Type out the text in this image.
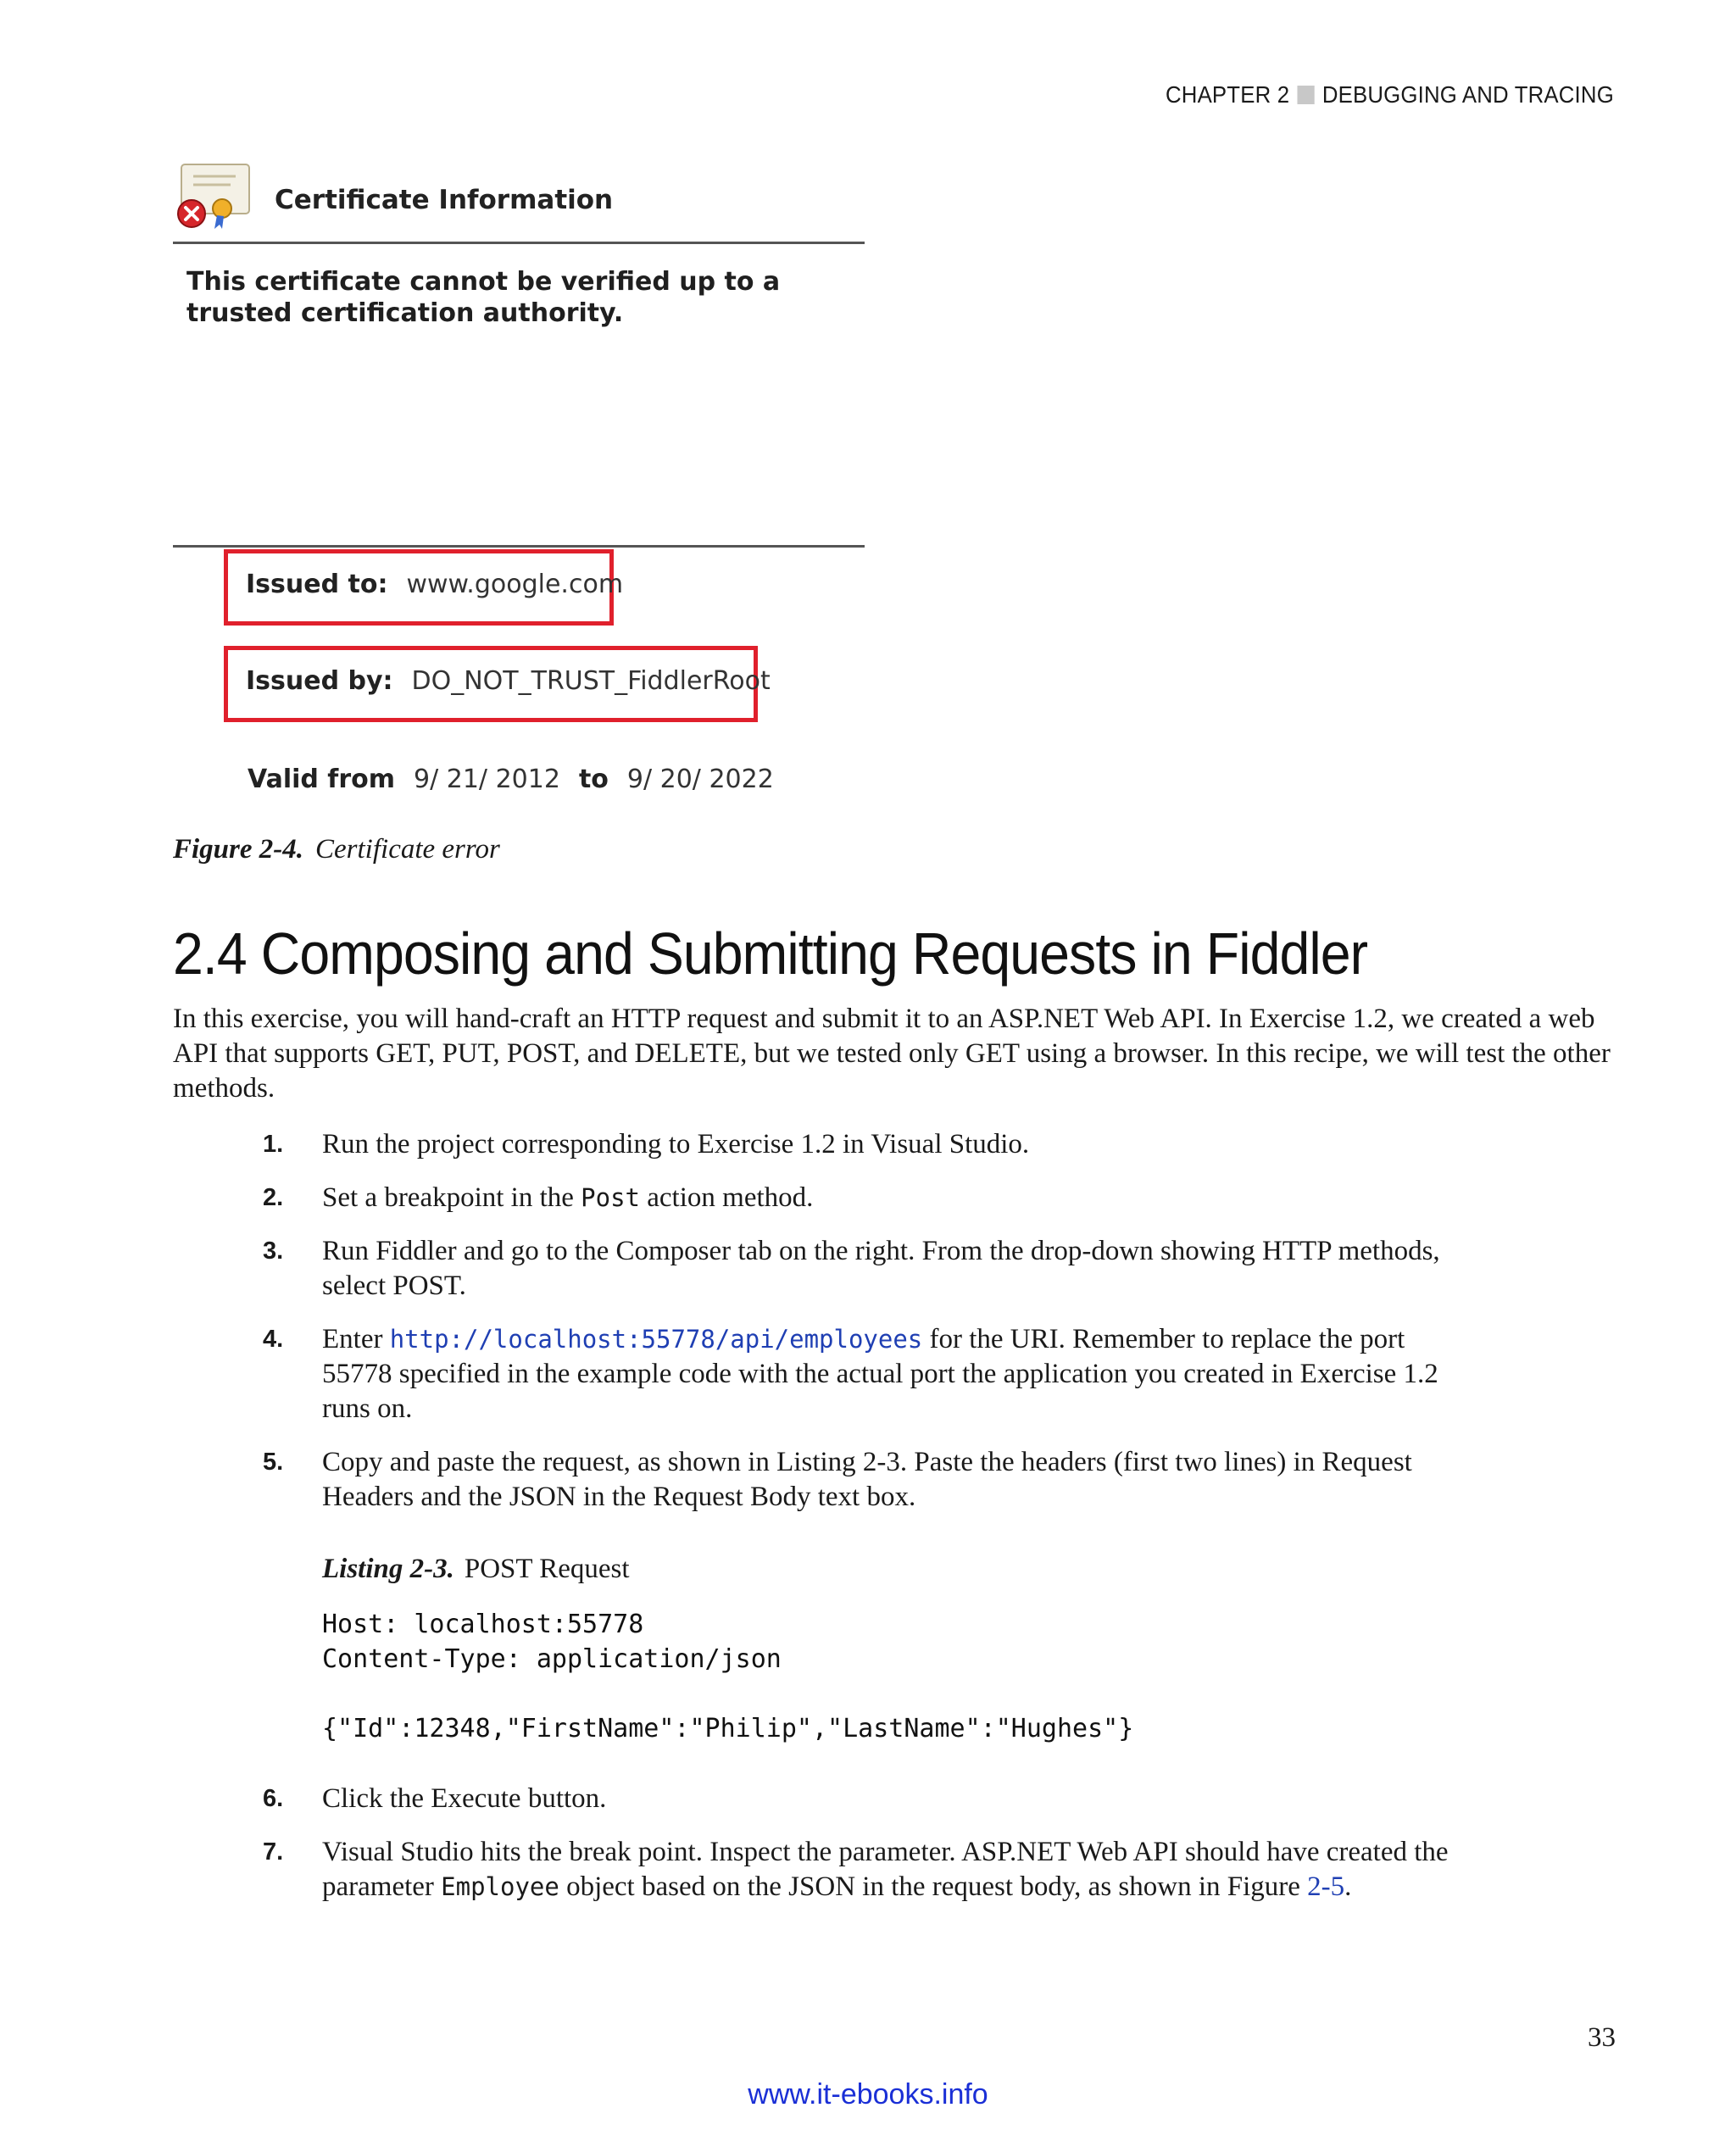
CHAPTER 2 DEBUGGING AND TRACING
Certificate Information
This certificate cannot be verified up to a trusted certification authority.
Issued to: www.google.com
Issued by: DO_NOT_TRUST_FiddlerRoot
Valid from 9/ 21/ 2012 to 9/ 20/ 2022
Figure 2-4. Certificate error
2.4 Composing and Submitting Requests in Fiddler

In this exercise, you will hand-craft an HTTP request and submit it to an ASP.NET Web API. In Exercise 1.2, we created a web API that supports GET, PUT, POST, and DELETE, but we tested only GET using a browser. In this recipe, we will test the other methods.

1. Run the project corresponding to Exercise 1.2 in Visual Studio.
2. Set a breakpoint in the Post action method.
3. Run Fiddler and go to the Composer tab on the right. From the drop-down showing HTTP methods, select POST.
4. Enter http://localhost:55778/api/employees for the URI. Remember to replace the port 55778 specified in the example code with the actual port the application you created in Exercise 1.2 runs on.
5. Copy and paste the request, as shown in Listing 2-3. Paste the headers (first two lines) in Request Headers and the JSON in the Request Body text box.
Listing 2-3. POST Request
Host: localhost:55778
Content-Type: application/json

{"Id":12348,"FirstName":"Philip","LastName":"Hughes"}
6. Click the Execute button.
7. Visual Studio hits the break point. Inspect the parameter. ASP.NET Web API should have created the parameter Employee object based on the JSON in the request body, as shown in Figure 2-5.
33
www.it-ebooks.info
